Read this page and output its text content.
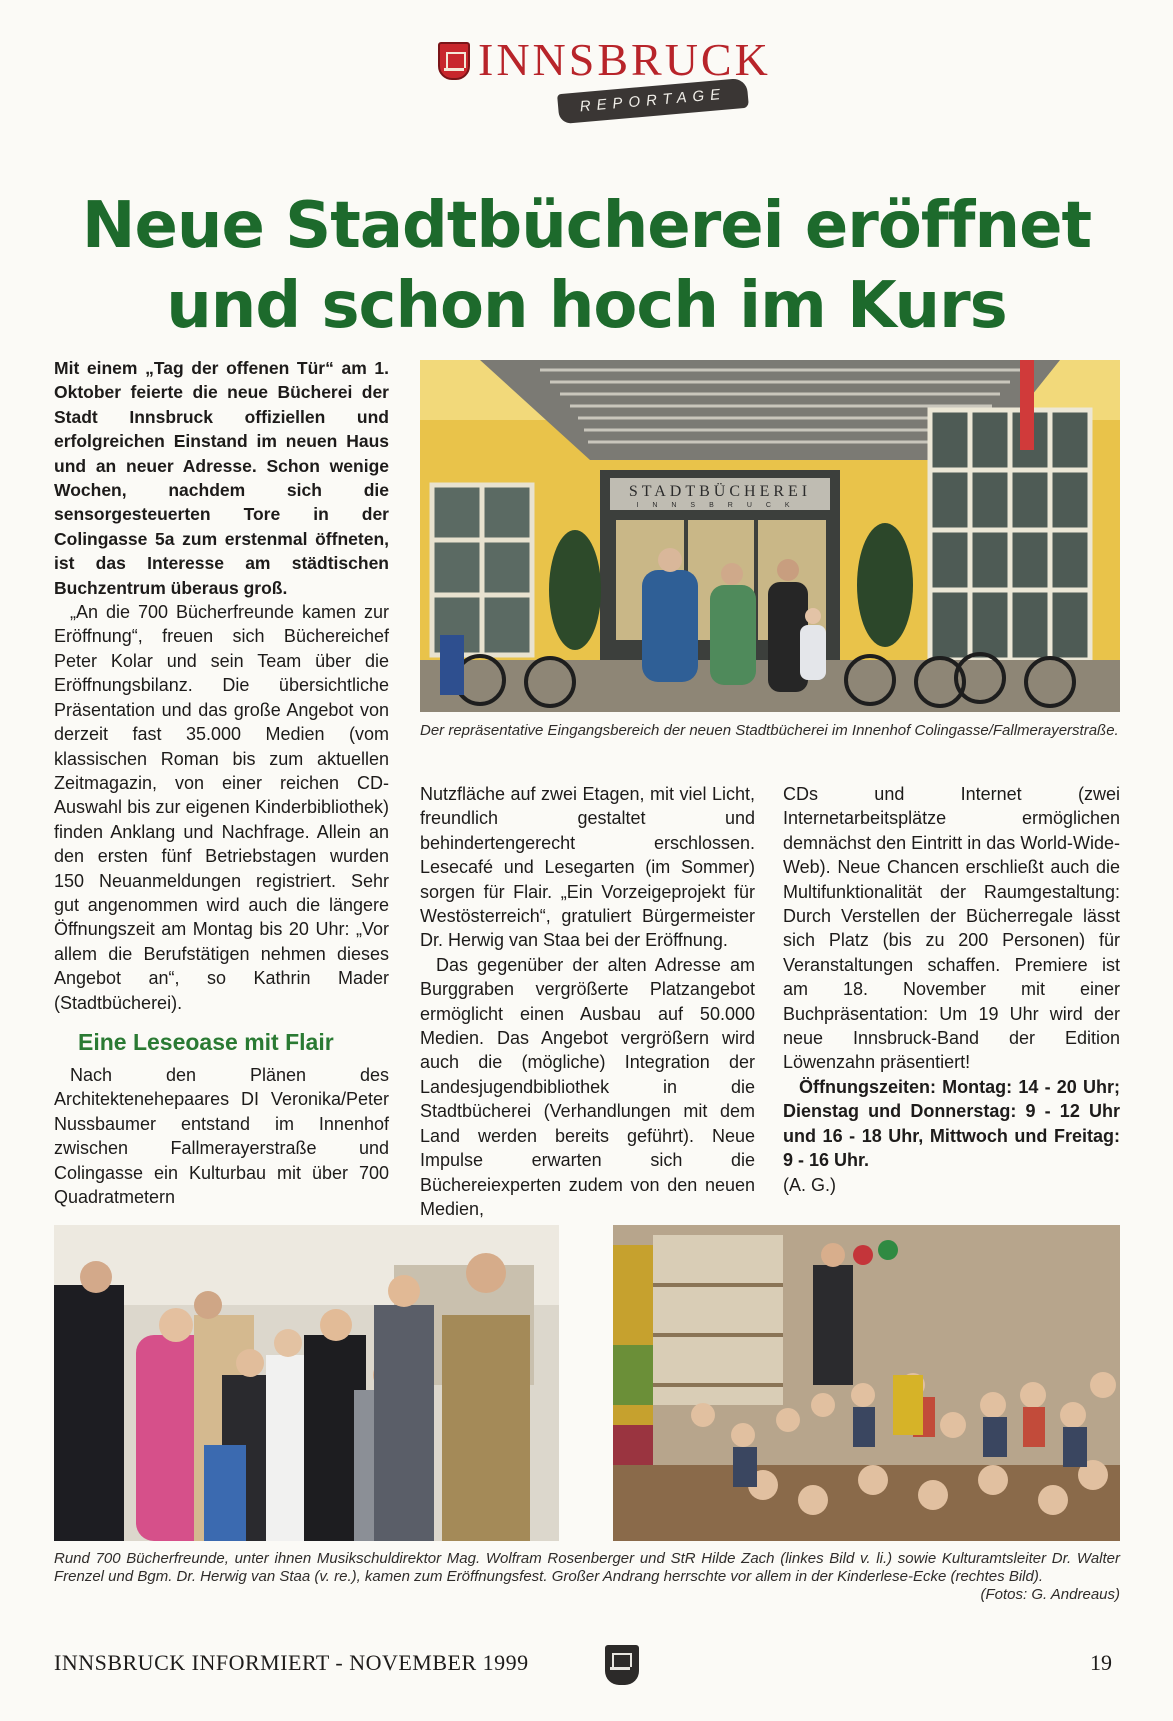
INNSBRUCK
REPORTAGE
Neue Stadtbücherei eröffnet
und schon hoch im Kurs

Mit einem „Tag der offenen Tür“ am 1. Oktober feierte die neue Bücherei der Stadt Innsbruck offiziellen und erfolgreichen Einstand im neuen Haus und an neuer Adresse. Schon wenige Wochen, nachdem sich die sensorgesteuerten Tore in der Colingasse 5a zum erstenmal öffneten, ist das Interesse am städtischen Buchzentrum überaus groß.

„An die 700 Bücherfreunde kamen zur Eröffnung“, freuen sich Büchereichef Peter Kolar und sein Team über die Eröffnungsbilanz. Die übersichtliche Präsentation und das große Angebot von derzeit fast 35.000 Medien (vom klassischen Roman bis zum aktuellen Zeitmagazin, von einer reichen CD-Auswahl bis zur eigenen Kinderbibliothek) finden Anklang und Nachfrage. Allein an den ersten fünf Betriebstagen wurden 150 Neuanmeldungen registriert. Sehr gut angenommen wird auch die längere Öffnungszeit am Montag bis 20 Uhr: „Vor allem die Berufstätigen nehmen dieses Angebot an“, so Kathrin Mader (Stadtbücherei).

Eine Leseoase mit Flair

Nach den Plänen des Architektenehepaares DI Veronika/Peter Nussbaumer entstand im Innenhof zwischen Fallmerayerstraße und Colingasse ein Kulturbau mit über 700 Quadratmetern

STADTBÜCHEREI
INNSBRUCK
Der repräsentative Eingangsbereich der neuen Stadtbücherei im Innenhof Colingasse/Fallmerayerstraße.

Nutzfläche auf zwei Etagen, mit viel Licht, freundlich gestaltet und behindertengerecht erschlossen. Lesecafé und Lesegarten (im Sommer) sorgen für Flair. „Ein Vorzeigeprojekt für Westösterreich“, gratuliert Bürgermeister Dr. Herwig van Staa bei der Eröffnung.

Das gegenüber der alten Adresse am Burggraben vergrößerte Platzangebot ermöglicht einen Ausbau auf 50.000 Medien. Das Angebot vergrößern wird auch die (mögliche) Integration der Landesjugendbibliothek in die Stadtbücherei (Verhandlungen mit dem Land werden bereits geführt). Neue Impulse erwarten sich die Büchereiexperten zudem von den neuen Medien,

CDs und Internet (zwei Internetarbeitsplätze ermöglichen demnächst den Eintritt in das World-Wide-Web). Neue Chancen erschließt auch die Multifunktionalität der Raumgestaltung: Durch Verstellen der Bücherregale lässt sich Platz (bis zu 200 Personen) für Veranstaltungen schaffen. Premiere ist am 18. November mit einer Buchpräsentation: Um 19 Uhr wird der neue Innsbruck-Band der Edition Löwenzahn präsentiert!

Öffnungszeiten: Montag: 14 - 20 Uhr; Dienstag und Donnerstag: 9 - 12 Uhr und 16 - 18 Uhr, Mittwoch und Freitag: 9 - 16 Uhr.

(A. G.)

Rund 700 Bücherfreunde, unter ihnen Musikschuldirektor Mag. Wolfram Rosenberger und StR Hilde Zach (linkes Bild v. li.) sowie Kulturamtsleiter Dr. Walter Frenzel und Bgm. Dr. Herwig van Staa (v. re.), kamen zum Eröffnungsfest. Großer Andrang herrschte vor allem in der Kinderlese-Ecke (rechtes Bild).
(Fotos: G. Andreaus)
INNSBRUCK INFORMIERT - NOVEMBER 1999	19
